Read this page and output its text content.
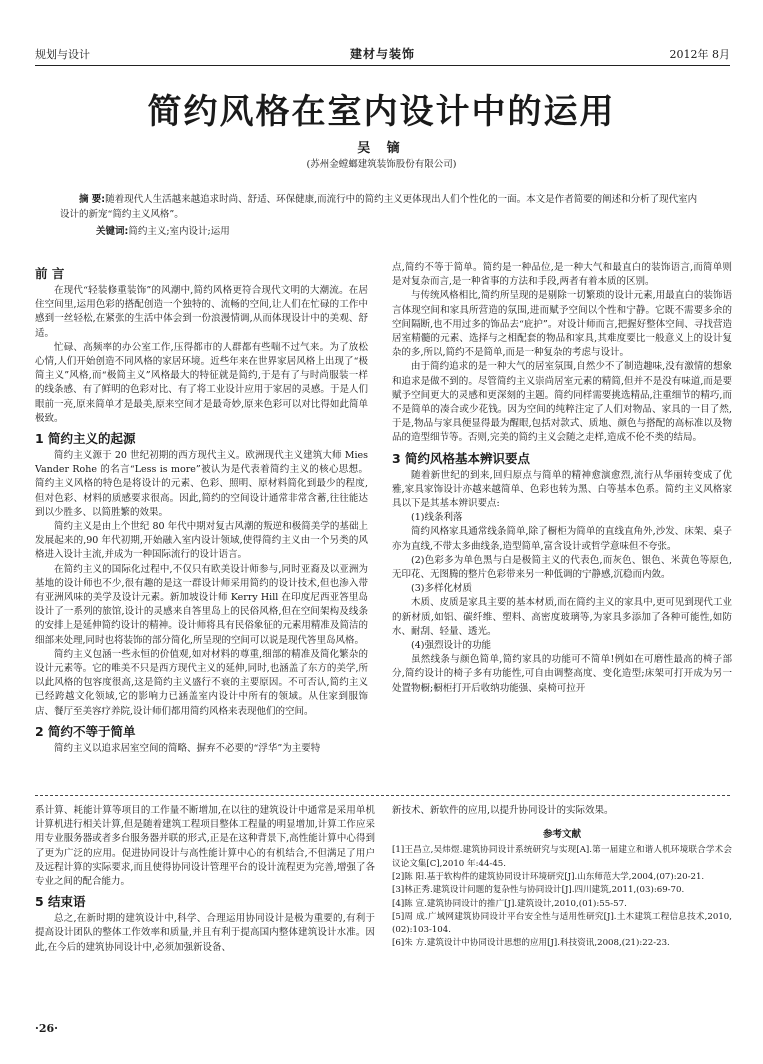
规划与设计	建材与装饰	2012年 8月
简约风格在室内设计中的运用
吴 镝
(苏州金螳螂建筑装饰股份有限公司)

摘 要:随着现代人生活越来越追求时尚、舒适、环保健康,而流行中的简约主义更体现出人们个性化的一面。本文是作者简要的阐述和分析了现代室内设计的新宠“简约主义风格”。

关键词:简约主义;室内设计;运用
前 言

在现代“轻装修重装饰”的风潮中,简约风格更符合现代文明的大潮流。在居住空间里,运用色彩的搭配创造一个独特的、流畅的空间,让人们在忙碌的工作中感到一丝轻松,在紧张的生活中体会到一份浪漫情调,从而体现设计中的美观、舒适。

忙碌、高频率的办公室工作,压得都市的人群都有些喘不过气来。为了放松心情,人们开始创造不同风格的家居环境。近些年来在世界家居风格上出现了“极简主义”风格,而“极简主义”风格最大的特征就是简约,于是有了与时尚服装一样的线条感、有了鲜明的色彩对比、有了将工业设计应用于家居的灵感。于是人们眼前一亮,原来简单才是最美,原来空间才是最奇妙,原来色彩可以对比得如此简单极致。

1 简约主义的起源

简约主义源于 20 世纪初期的西方现代主义。欧洲现代主义建筑大师 Mies Vander Rohe 的名言“Less is more”被认为是代表着简约主义的核心思想。简约主义风格的特色是将设计的元素、色彩、照明、原材料简化到最少的程度,但对色彩、材料的质感要求很高。因此,简约的空间设计通常非常含蓄,往往能达到以少胜多、以简胜繁的效果。

简约主义是由上个世纪 80 年代中期对复古风潮的叛逆和极简美学的基础上发展起来的,90 年代初期,开始融入室内设计领域,使得简约主义由一个另类的风格进入设计主流,并成为一种国际流行的设计语言。

在简约主义的国际化过程中,不仅只有欧美设计师参与,同时亚裔及以亚洲为基地的设计师也不少,很有趣的是这一群设计师采用简约的设计技术,但也渗入带有亚洲风味的美学及设计元素。新加坡设计师 Kerry Hill 在印度尼西亚答里岛设计了一系列的旅馆,设计的灵感来自答里岛上的民俗风格,但在空间架构及线条的安排上是延伸简约设计的精神。设计师将具有民俗象征的元素用精准及简洁的细部来处理,同时也将装饰的部分简化,所呈现的空间可以说是现代答里岛风格。

简约主义包涵一些永恒的价值观,如对材料的尊重,细部的精准及简化繁杂的设计元素等。它的唯美不只是西方现代主义的延伸,同时,也涵盖了东方的美学,所以此风格的包容度很高,这是简约主义盛行不衰的主要原因。不可否认,简约主义已经跨越文化领域,它的影响力已涵盖室内设计中所有的领域。从住家到服饰店、餐厅至美容疗养院,设计师们都用简约风格来表现他们的空间。

2 简约不等于简单

简约主义以追求居室空间的简略、摒弃不必要的“浮华”为主要特

点,简约不等于简单。简约是一种品位,是一种大气和最直白的装饰语言,而简单则是对复杂而言,是一种省事的方法和手段,两者有着本质的区别。

与传统风格相比,简约所呈现的是剔除一切繁琐的设计元素,用最直白的装饰语言体现空间和家具所营造的氛围,进而赋予空间以个性和宁静。它既不需要多余的空间隔断,也不用过多的饰品去“庇护”。对设计师而言,把握好整体空间、寻找营造居室精髓的元素、选择与之相配套的物品和家具,其难度要比一般意义上的设计复杂的多,所以,简约不是简单,而是一种复杂的考虑与设计。

由于简约追求的是一种大气的居室氛围,自然少不了制造趣味,没有激情的想象和追求是做不到的。尽管简约主义崇尚居室元素的精简,但并不是没有味道,而是要赋予空间更大的灵感和更深刻的主题。简约同样需要挑选精品,注重细节的精巧,而不是简单的凑合或少花钱。因为空间的纯粹注定了人们对物品、家具的一目了然,于是,物品与家具便显得最为醒眼,包括对款式、质地、颜色与搭配的高标准以及物品的造型细节等。否则,完美的简约主义会随之走样,造成不伦不类的结局。

3 简约风格基本辨识要点

随着新世纪的到来,回归原点与简单的精神愈演愈烈,流行从华丽转变成了优雅,家具家饰设计亦越来越简单、色彩也转为黑、白等基本色系。简约主义风格家具以下是其基本辨识要点:

(1)线条利落

简约风格家具通常线条简单,除了橱柜为简单的直线直角外,沙发、床架、桌子亦为直线,不带太多曲线条,造型简单,富含设计或哲学意味但不夸张。

(2)色彩多为单色黑与白是极简主义的代表色,而灰色、银色、米黄色等原色,无印花、无图腾的整片色彩带来另一种低调的宁静感,沉稳而内敛。

(3)多样化材质

木质、皮质是家具主要的基本材质,而在简约主义的家具中,更可见到现代工业的新材质,如铝、碳纤维、塑料、高密度玻璃等,为家具多添加了各种可能性,如防水、耐刮、轻量、透光。

(4)强烈设计的功能

虽然线条与颜色简单,简约家具的功能可不简单!例如在可磨性最高的椅子部分,简约设计的椅子多有功能性,可自由调整高度、变化造型;床架可打开成为另一处置物橱;橱柜打开后收纳功能强、桌椅可拉开

系计算、耗能计算等项目的工作量不断增加,在以往的建筑设计中通常是采用单机计算机进行相关计算,但是随着建筑工程项目整体工程量的明显增加,计算工作应采用专业服务器或者多台服务器并联的形式,正是在这种背景下,高性能计算中心得到了更为广泛的应用。促进协同设计与高性能计算中心的有机结合,不但满足了用户及远程计算的实际要求,而且使得协同设计管理平台的设计流程更为完善,增强了各专业之间的配合能力。

5 结束语

总之,在新时期的建筑设计中,科学、合理运用协同设计是极为重要的,有利于提高设计团队的整体工作效率和质量,并且有利于提高国内整体建筑设计水准。因此,在今后的建筑协同设计中,必须加强新设备、

新技术、新软件的应用,以提升协同设计的实际效果。

参考文献

[1]王昌立,吴炜煜.建筑协同设计系统研究与实现[A].第一届建立和谐人机环境联合学术会议论文集[C],2010 年:44-45.

[2]陈 阳.基于软构件的建筑协同设计环境研究[J].山东师范大学,2004,(07):20-21.

[3]林正秀.建筑设计问题的复杂性与协同设计[J].四川建筑,2011,(03):69-70.

[4]陈 宣.建筑协同设计的推广[J].建筑设计,2010,(01):55-57.

[5]周 成.广域网建筑协同设计平台安全性与适用性研究[J].土木建筑工程信息技术,2010,(02):103-104.

[6]朱 方.建筑设计中协同设计思想的应用[J].科技资讯,2008,(21):22-23.

·26·
